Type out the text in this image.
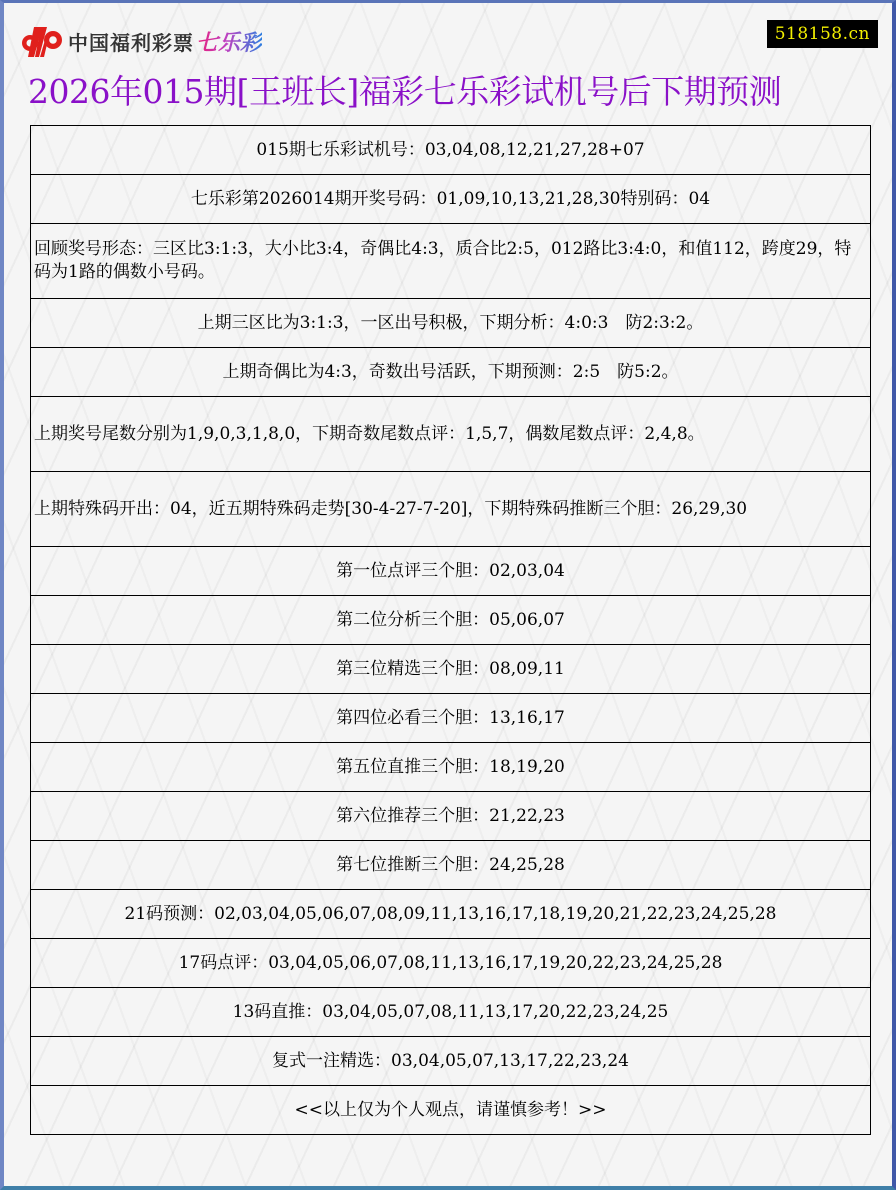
中国福利彩票 七乐彩	518158.cn
2026年015期[王班长]福彩七乐彩试机号后下期预测
015期七乐彩试机号：03,04,08,12,21,27,28+07
七乐彩第2026014期开奖号码：01,09,10,13,21,28,30特别码：04
回顾奖号形态：三区比3:1:3，大小比3:4，奇偶比4:3，质合比2:5，012路比3:4:0，和值112，跨度29，特码为1路的偶数小号码。
上期三区比为3:1:3，一区出号积极，下期分析：4:0:3　防2:3:2。
上期奇偶比为4:3，奇数出号活跃，下期预测：2:5　防5:2。
上期奖号尾数分别为1,9,0,3,1,8,0，下期奇数尾数点评：1,5,7，偶数尾数点评：2,4,8。
上期特殊码开出：04，近五期特殊码走势[30-4-27-7-20]，下期特殊码推断三个胆：26,29,30
第一位点评三个胆：02,03,04
第二位分析三个胆：05,06,07
第三位精选三个胆：08,09,11
第四位必看三个胆：13,16,17
第五位直推三个胆：18,19,20
第六位推荐三个胆：21,22,23
第七位推断三个胆：24,25,28
21码预测：02,03,04,05,06,07,08,09,11,13,16,17,18,19,20,21,22,23,24,25,28
17码点评：03,04,05,06,07,08,11,13,16,17,19,20,22,23,24,25,28
13码直推：03,04,05,07,08,11,13,17,20,22,23,24,25
复式一注精选：03,04,05,07,13,17,22,23,24
<<以上仅为个人观点，请谨慎参考！>>
